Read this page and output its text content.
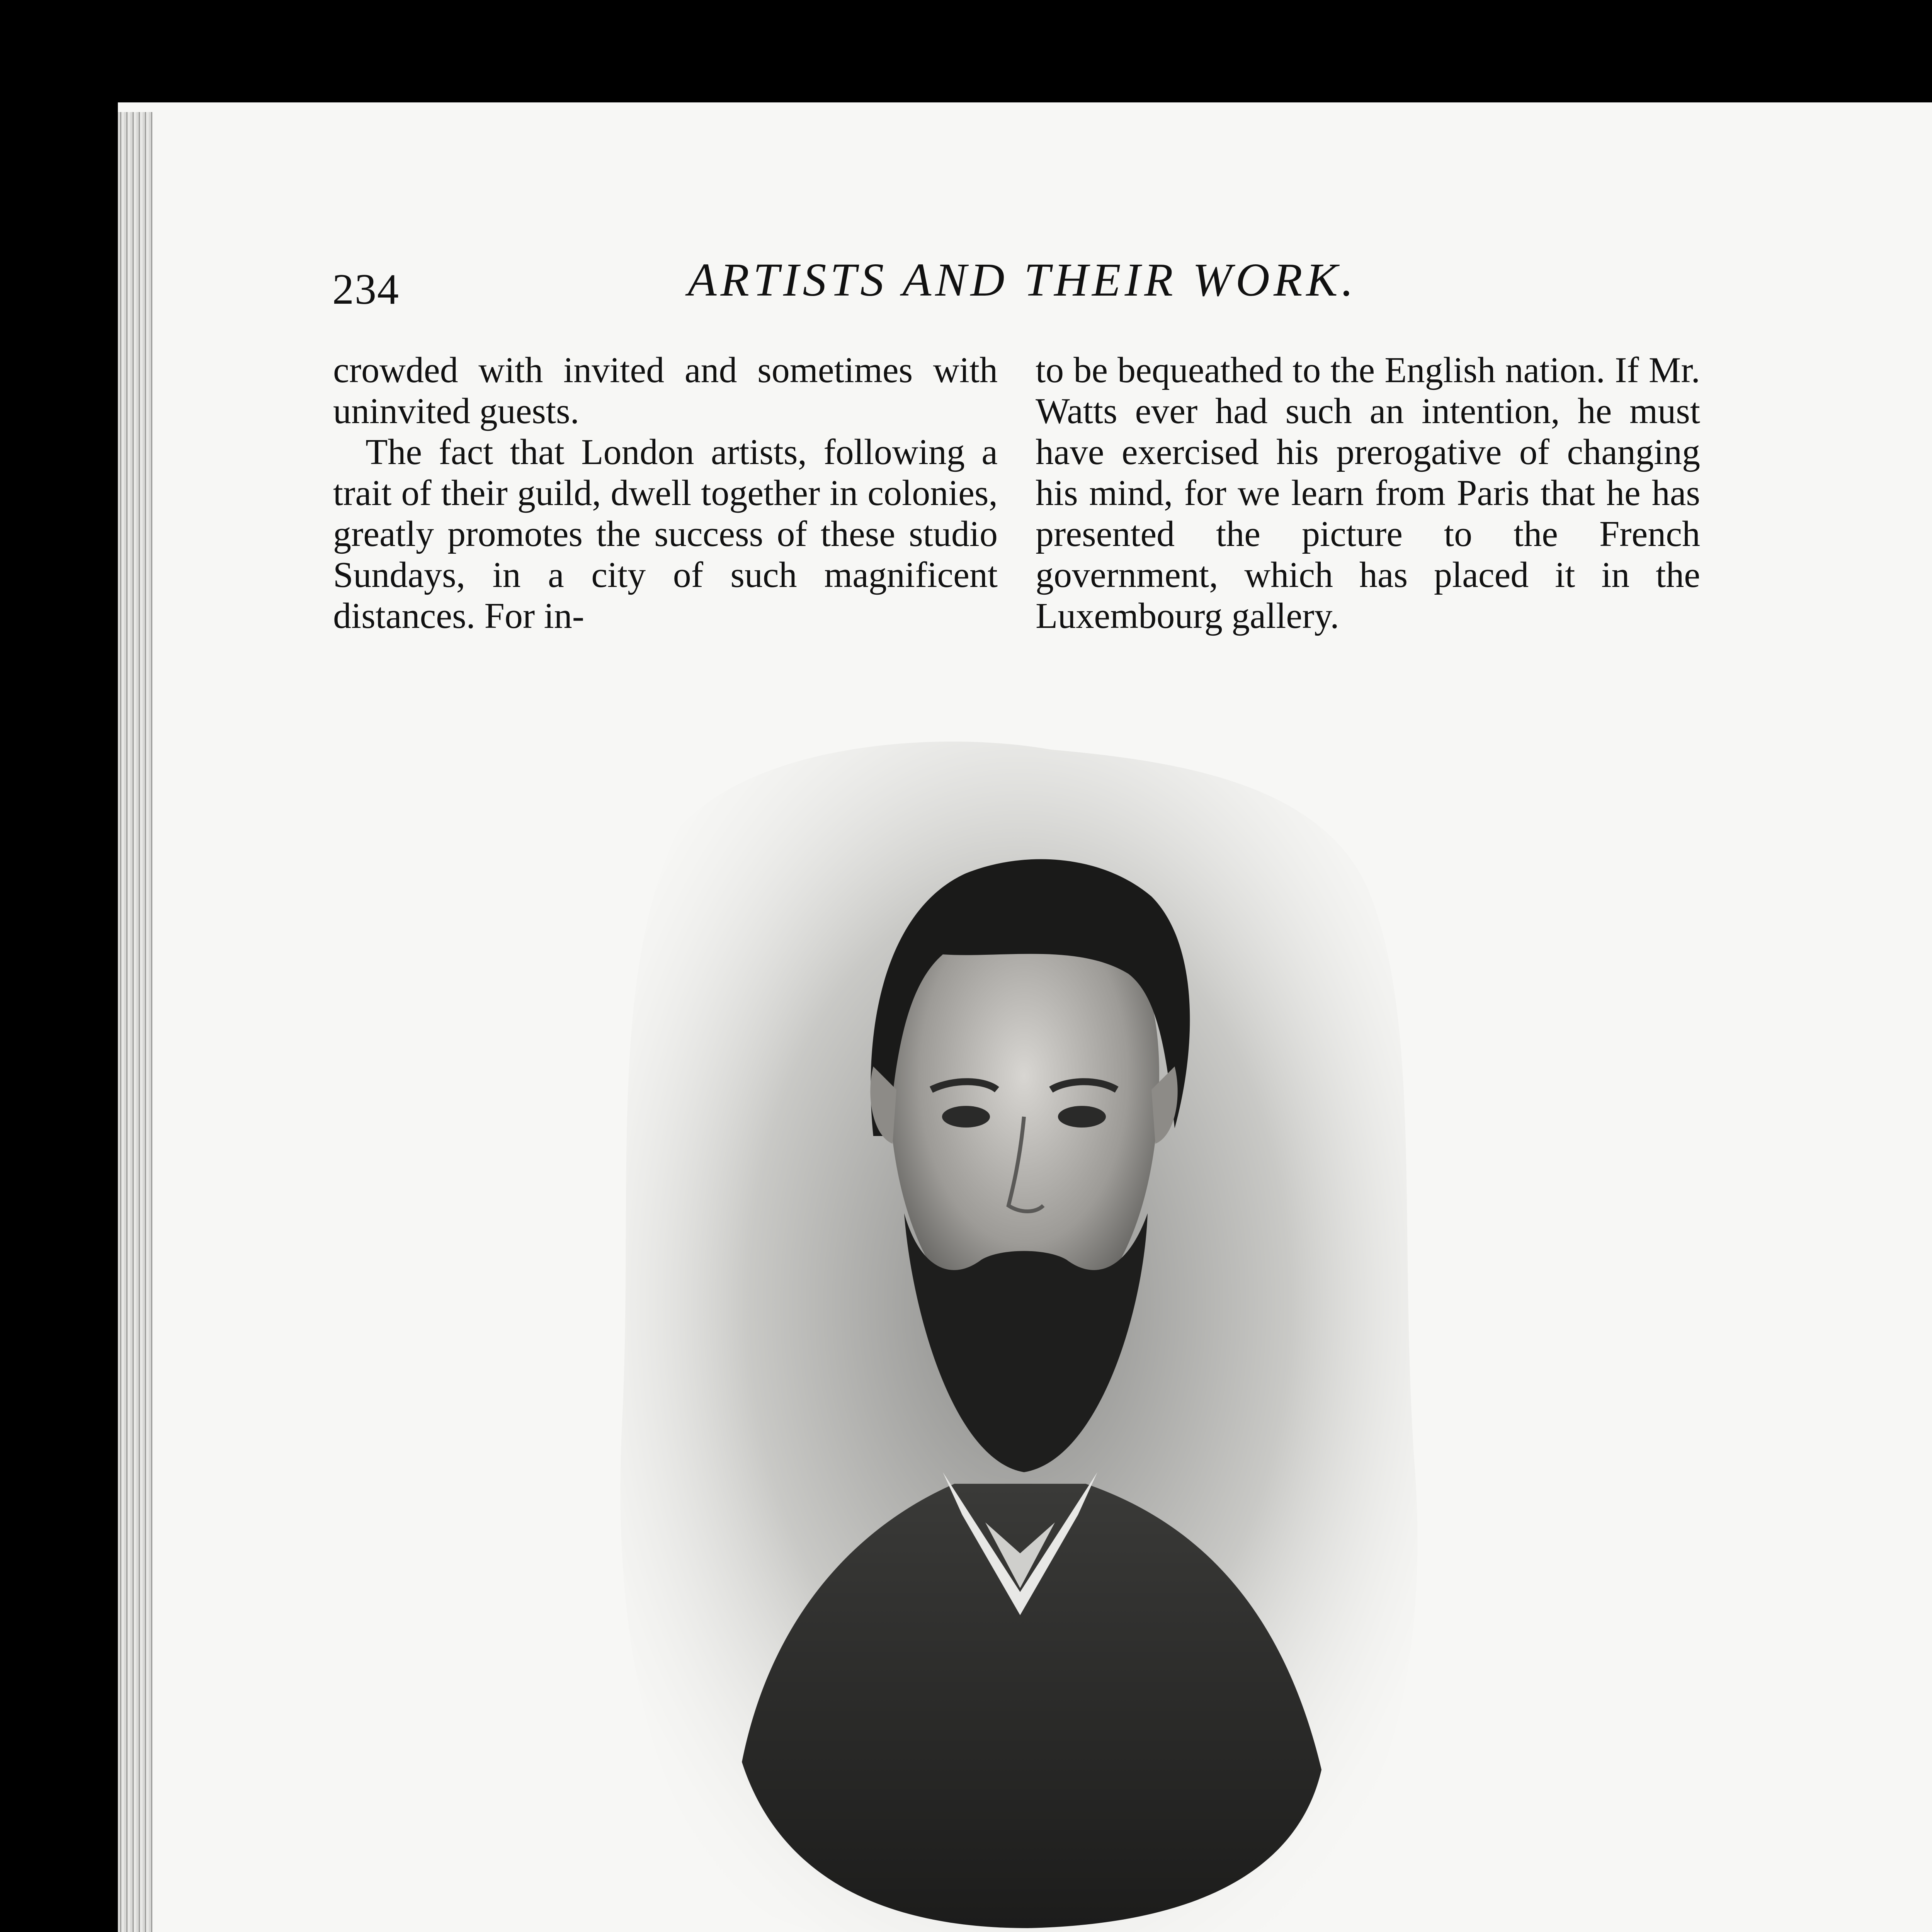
234	ARTISTS AND THEIR WORK.

crowded with invited and sometimes with uninvited guests.

The fact that London artists, following a trait of their guild, dwell together in colonies, greatly promotes the success of these studio Sundays, in a city of such magnificent distances. For in-

to be bequeathed to the English nation. If Mr. Watts ever had such an intention, he must have exercised his prerogative of changing his mind, for we learn from Paris that he has presented the picture to the French government, which has placed it in the Luxembourg gallery.
